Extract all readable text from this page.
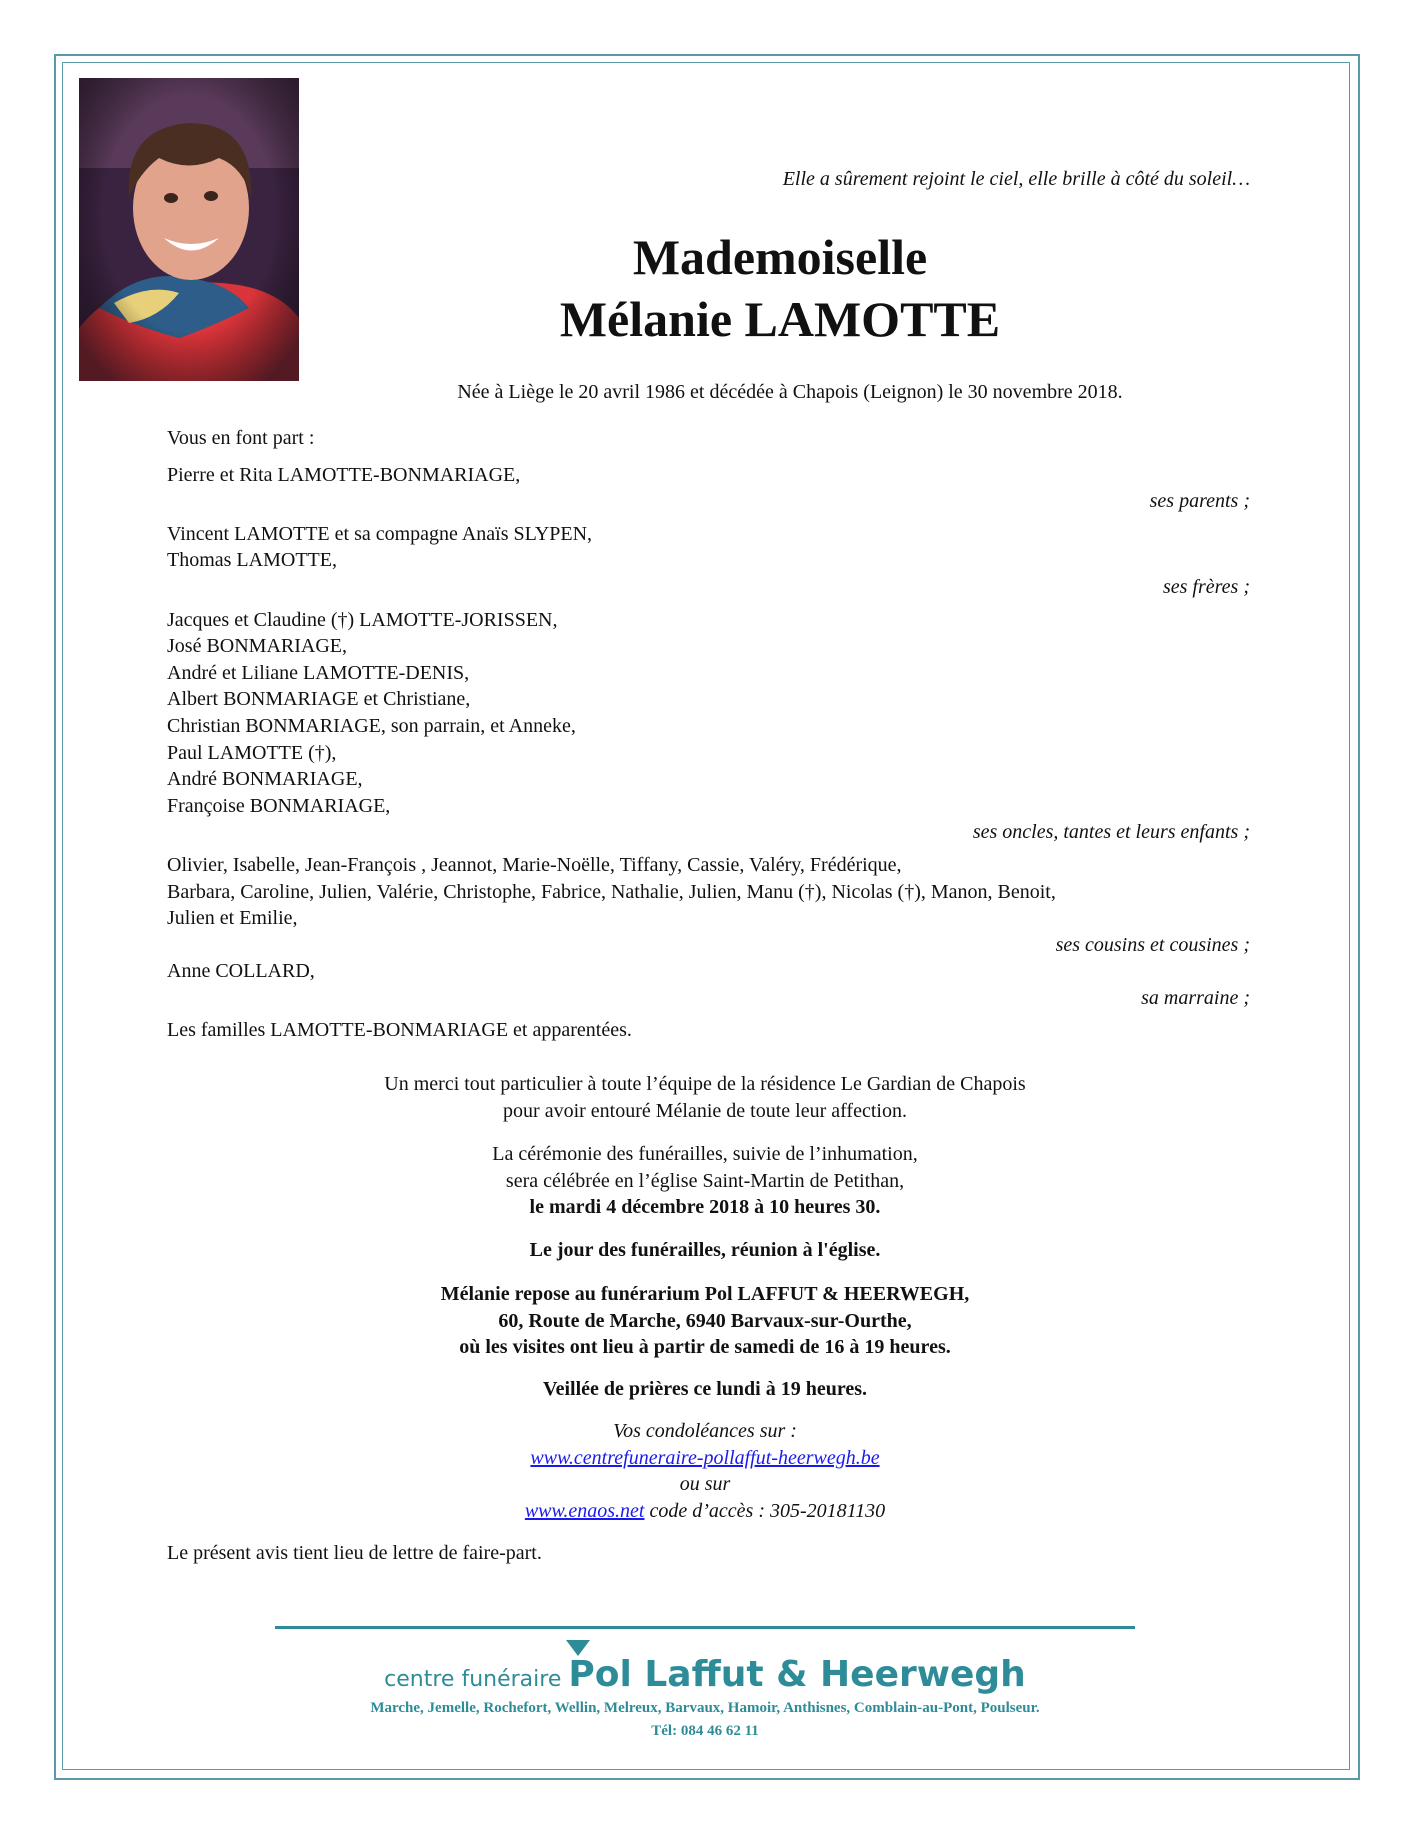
Elle a sûrement rejoint le ciel, elle brille à côté du soleil…
Mademoiselle
Mélanie LAMOTTE
Née à Liège le 20 avril 1986 et décédée à Chapois (Leignon) le 30 novembre 2018.
Vous en font part :
Pierre et Rita LAMOTTE-BONMARIAGE,
ses parents ;
Vincent LAMOTTE et sa compagne Anaïs SLYPEN,
Thomas LAMOTTE,
ses frères ;
Jacques et Claudine (†) LAMOTTE-JORISSEN,
José BONMARIAGE,
André et Liliane LAMOTTE-DENIS,
Albert BONMARIAGE et Christiane,
Christian BONMARIAGE, son parrain, et Anneke,
Paul LAMOTTE (†),
André BONMARIAGE,
Françoise BONMARIAGE,
ses oncles, tantes et leurs enfants ;
Olivier, Isabelle, Jean-François , Jeannot, Marie-Noëlle, Tiffany, Cassie, Valéry, Frédérique,
Barbara, Caroline, Julien, Valérie, Christophe, Fabrice, Nathalie, Julien, Manu (†), Nicolas (†), Manon, Benoit,
Julien et Emilie,
ses cousins et cousines ;
Anne COLLARD,
sa marraine ;
Les familles LAMOTTE-BONMARIAGE et apparentées.
Un merci tout particulier à toute l’équipe de la résidence Le Gardian de Chapois
pour avoir entouré Mélanie de toute leur affection.
La cérémonie des funérailles, suivie de l’inhumation,
sera célébrée en l’église Saint-Martin de Petithan,
le mardi 4 décembre 2018 à 10 heures 30.
Le jour des funérailles, réunion à l'église.
Mélanie repose au funérarium Pol LAFFUT & HEERWEGH,
60, Route de Marche, 6940 Barvaux-sur-Ourthe,
où les visites ont lieu à partir de samedi de 16 à 19 heures.
Veillée de prières ce lundi à 19 heures.
Vos condoléances sur :
www.centrefuneraire-pollaffut-heerwegh.be
ou sur
www.enaos.net code d’accès : 305-20181130
Le présent avis tient lieu de lettre de faire-part.
centre funéraire Pol Laffut & Heerwegh
Marche, Jemelle, Rochefort, Wellin, Melreux, Barvaux, Hamoir, Anthisnes, Comblain-au-Pont, Poulseur.
Tél: 084 46 62 11
